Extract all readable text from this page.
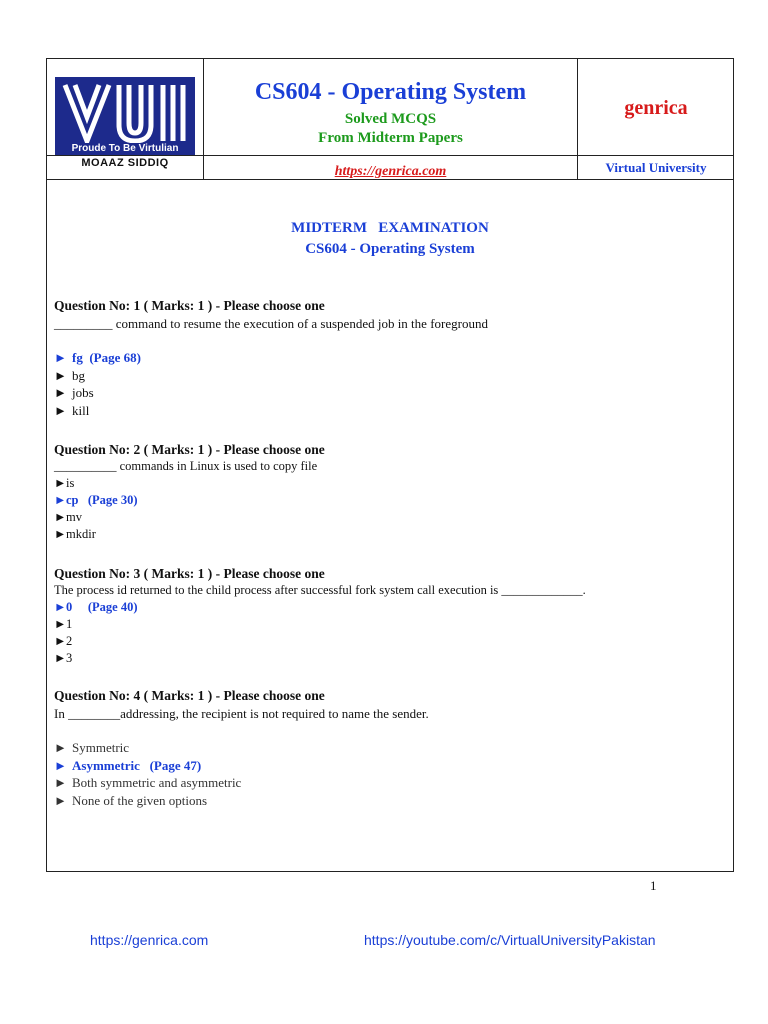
Proude To Be Virtulian
MOAAZ SIDDIQ
CS604 - Operating System
Solved MCQS
From Midterm Papers
https://genrica.com
genrica
Virtual University
MIDTERM   EXAMINATION
CS604 - Operating System
Question No: 1 ( Marks: 1 ) - Please choose one
_________ command to resume the execution of a suspended job in the foreground
► fg  (Page 68)
► bg
► jobs
► kill
Question No: 2 ( Marks: 1 ) - Please choose one
__________ commands in Linux is used to copy file
►is
►cp   (Page 30)
►mv
►mkdir
Question No: 3 ( Marks: 1 ) - Please choose one
The process id returned to the child process after successful fork system call execution is _____________.
►0     (Page 40)
►1
►2
►3
Question No: 4 ( Marks: 1 ) - Please choose one
In ________addressing, the recipient is not required to name the sender.
► Symmetric
► Asymmetric   (Page 47)
► Both symmetric and asymmetric
► None of the given options
1
https://genrica.com	https://youtube.com/c/VirtualUniversityPakistan
